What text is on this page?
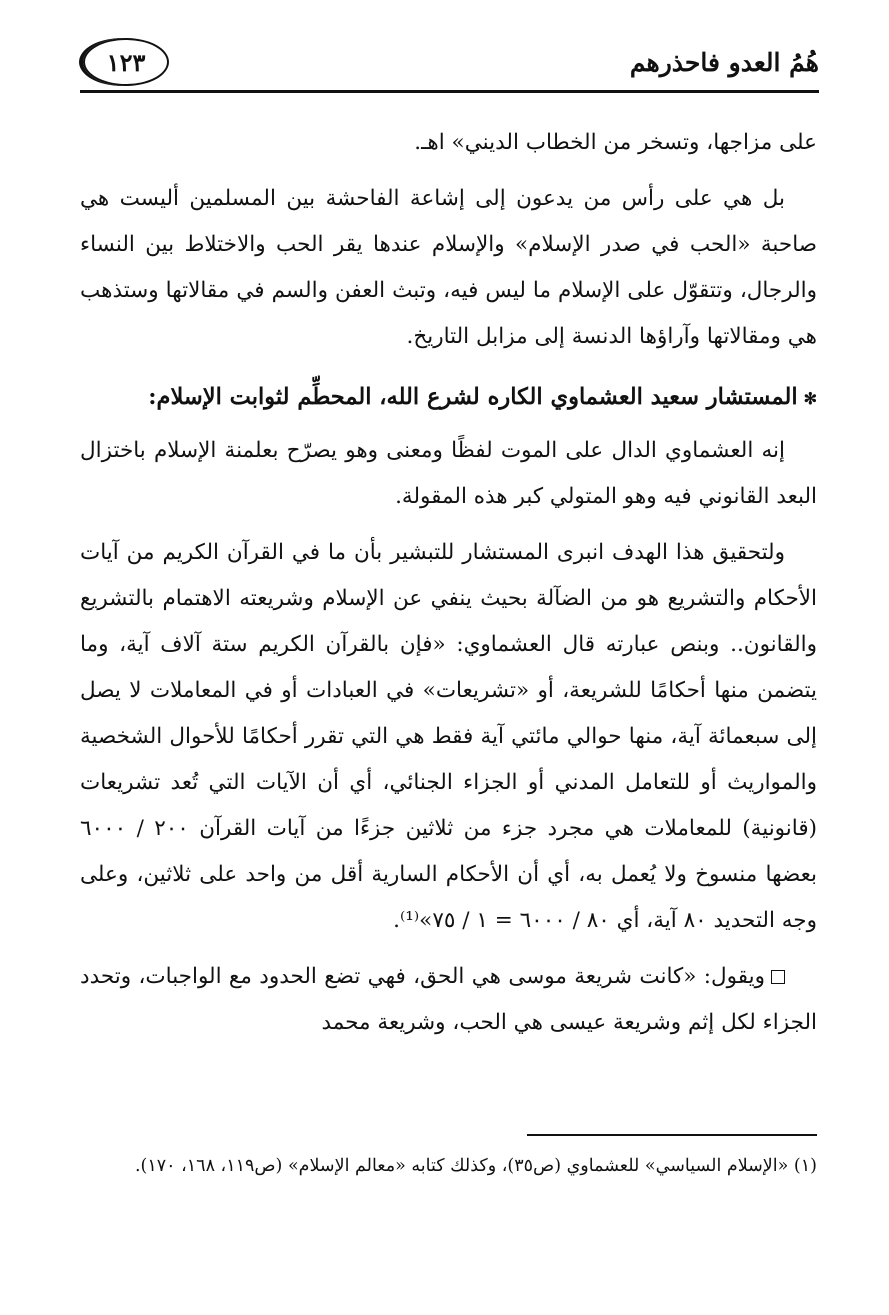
هُمُ العدو فاحذرهم
١٢٣

على مزاجها، وتسخر من الخطاب الديني» اهـ.

بل هي على رأس من يدعون إلى إشاعة الفاحشة بين المسلمين أليست هي صاحبة «الحب في صدر الإسلام» والإسلام عندها يقر الحب والاختلاط بين النساء والرجال، وتتقوّل على الإسلام ما ليس فيه، وتبث العفن والسم في مقالاتها وستذهب هي ومقالاتها وآراؤها الدنسة إلى مزابل التاريخ.

✻المستشار سعيد العشماوي الكاره لشرع الله، المحطِّم لثوابت الإسلام:

إنه العشماوي الدال على الموت لفظًا ومعنى وهو يصرّح بعلمنة الإسلام باختزال البعد القانوني فيه وهو المتولي كبر هذه المقولة.

ولتحقيق هذا الهدف انبرى المستشار للتبشير بأن ما في القرآن الكريم من آيات الأحكام والتشريع هو من الضآلة بحيث ينفي عن الإسلام وشريعته الاهتمام بالتشريع والقانون.. وبنص عبارته قال العشماوي: «فإن بالقرآن الكريم ستة آلاف آية، وما يتضمن منها أحكامًا للشريعة، أو «تشريعات» في العبادات أو في المعاملات لا يصل إلى سبعمائة آية، منها حوالي مائتي آية فقط هي التي تقرر أحكامًا للأحوال الشخصية والمواريث أو للتعامل المدني أو الجزاء الجنائي، أي أن الآيات التي تُعد تشريعات (قانونية) للمعاملات هي مجرد جزء من ثلاثين جزءًا من آيات القرآن ٢٠٠ / ٦٠٠٠ بعضها منسوخ ولا يُعمل به، أي أن الأحكام السارية أقل من واحد على ثلاثين، وعلى وجه التحديد ٨٠ آية، أي ٨٠ / ٦٠٠٠ = ١ / ٧٥»⁽¹⁾.

ويقول: «كانت شريعة موسى هي الحق، فهي تضع الحدود مع الواجبات، وتحدد الجزاء لكل إثم وشريعة عيسى هي الحب، وشريعة محمد

(١) «الإسلام السياسي» للعشماوي (ص٣٥)، وكذلك كتابه «معالم الإسلام» (ص١١٩، ١٦٨، ١٧٠).
